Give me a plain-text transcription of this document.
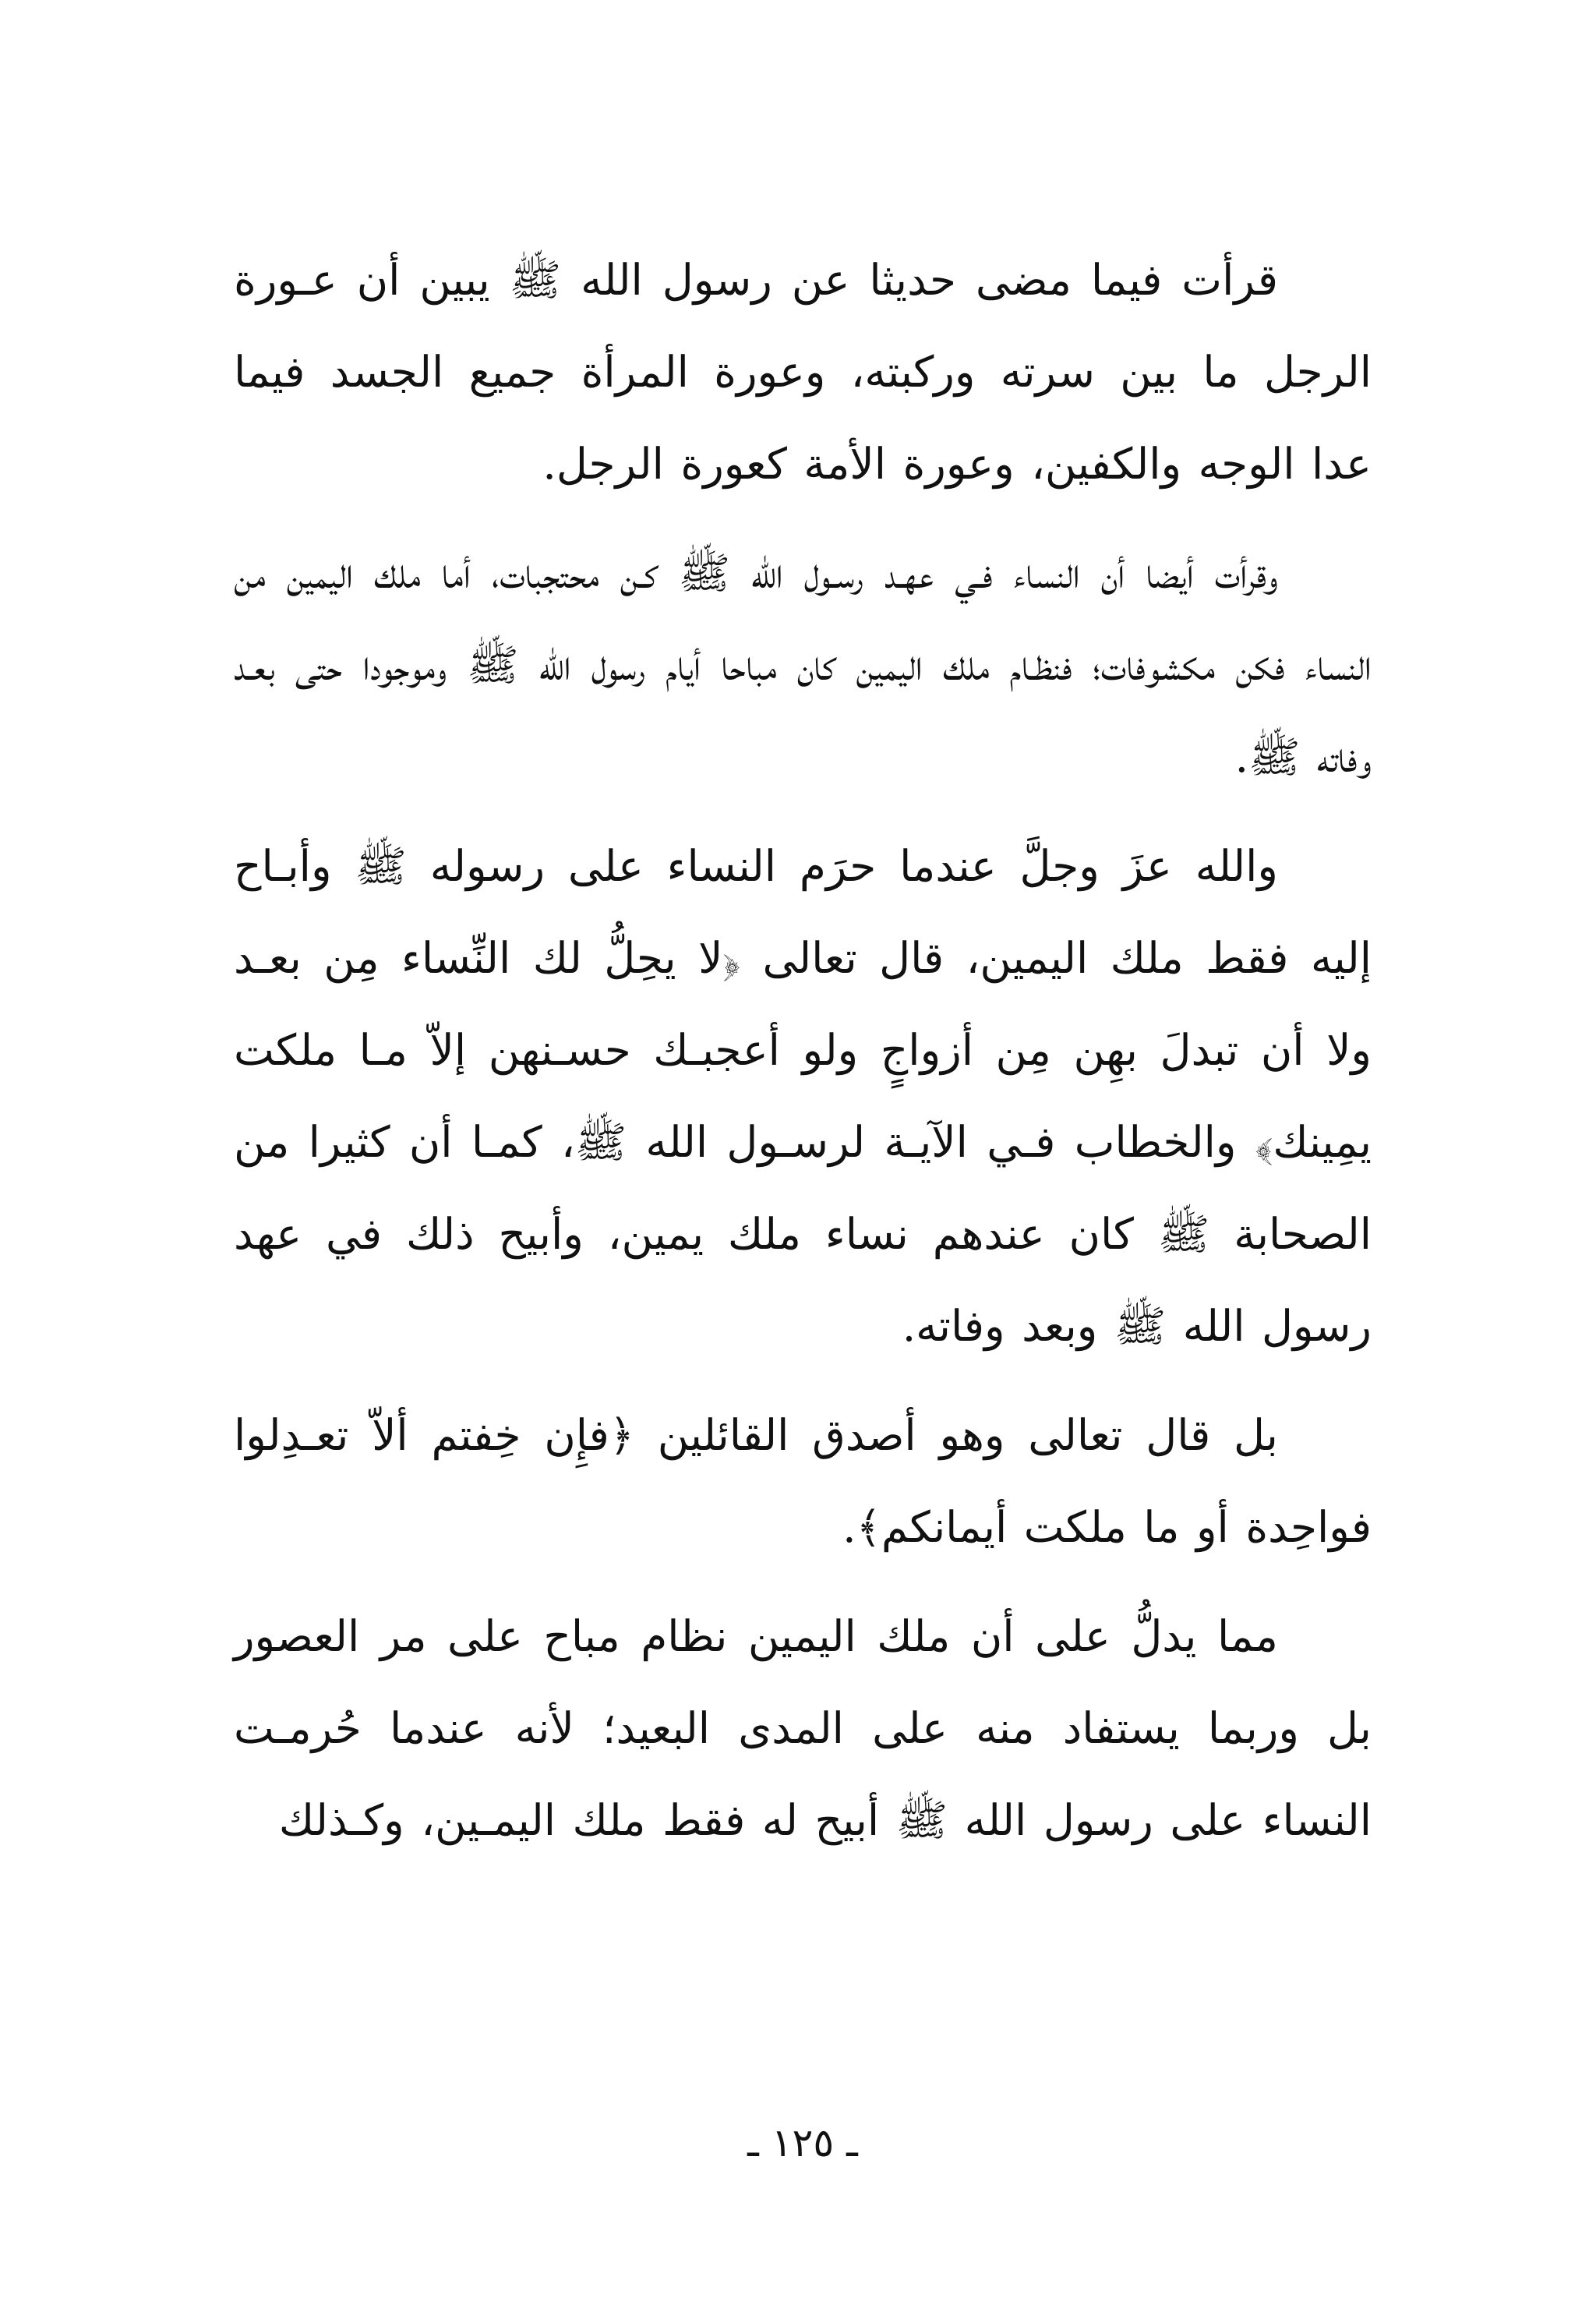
قرأت فيما مضى حديثا عن رسول الله ﷺ يبين أن عـورة الرجل ما بين سرته وركبته، وعورة المرأة جميع الجسد فيما عدا الوجه والكفين، وعورة الأمة كعورة الرجل.

وقرأت أيضا أن النساء فـي عهـد رسـول الله ﷺ كـن محتجبات، أما ملك اليمين من النساء فكن مكشوفات؛ فنظـام ملك اليمين كان مباحا أيام رسول الله ﷺ وموجودا حتى بعـد وفاته ﷺ.

والله عزَ وجلَّ عندما حرَم النساء على رسوله ﷺ وأبـاح إليه فقط ملك اليمين، قال تعالى ﴿لا يحِلُّ لك النِّساء مِن بعـد ولا أن تبدلَ بهِن مِن أزواجٍ ولو أعجبـك حسـنهن إلاّ مـا ملكت يمِينك﴾ والخطاب فـي الآيـة لرسـول الله ﷺ، كمـا أن كثيرا من الصحابة ﷺ كان عندهم نساء ملك يمين، وأبيح ذلك في عهد رسول الله ﷺ وبعد وفاته.

بل قال تعالى وهو أصدق القائلين ﴿فإِن خِفتم ألاّ تعـدِلوا فواحِدة أو ما ملكت أيمانكم﴾.

مما يدلُّ على أن ملك اليمين نظام مباح على مر العصور بل وربما يستفاد منه على المدى البعيد؛ لأنه عندما حُرمـت النساء على رسول الله ﷺ أبيح له فقط ملك اليمـين، وكـذلك

ـ ١٢٥ ـ
